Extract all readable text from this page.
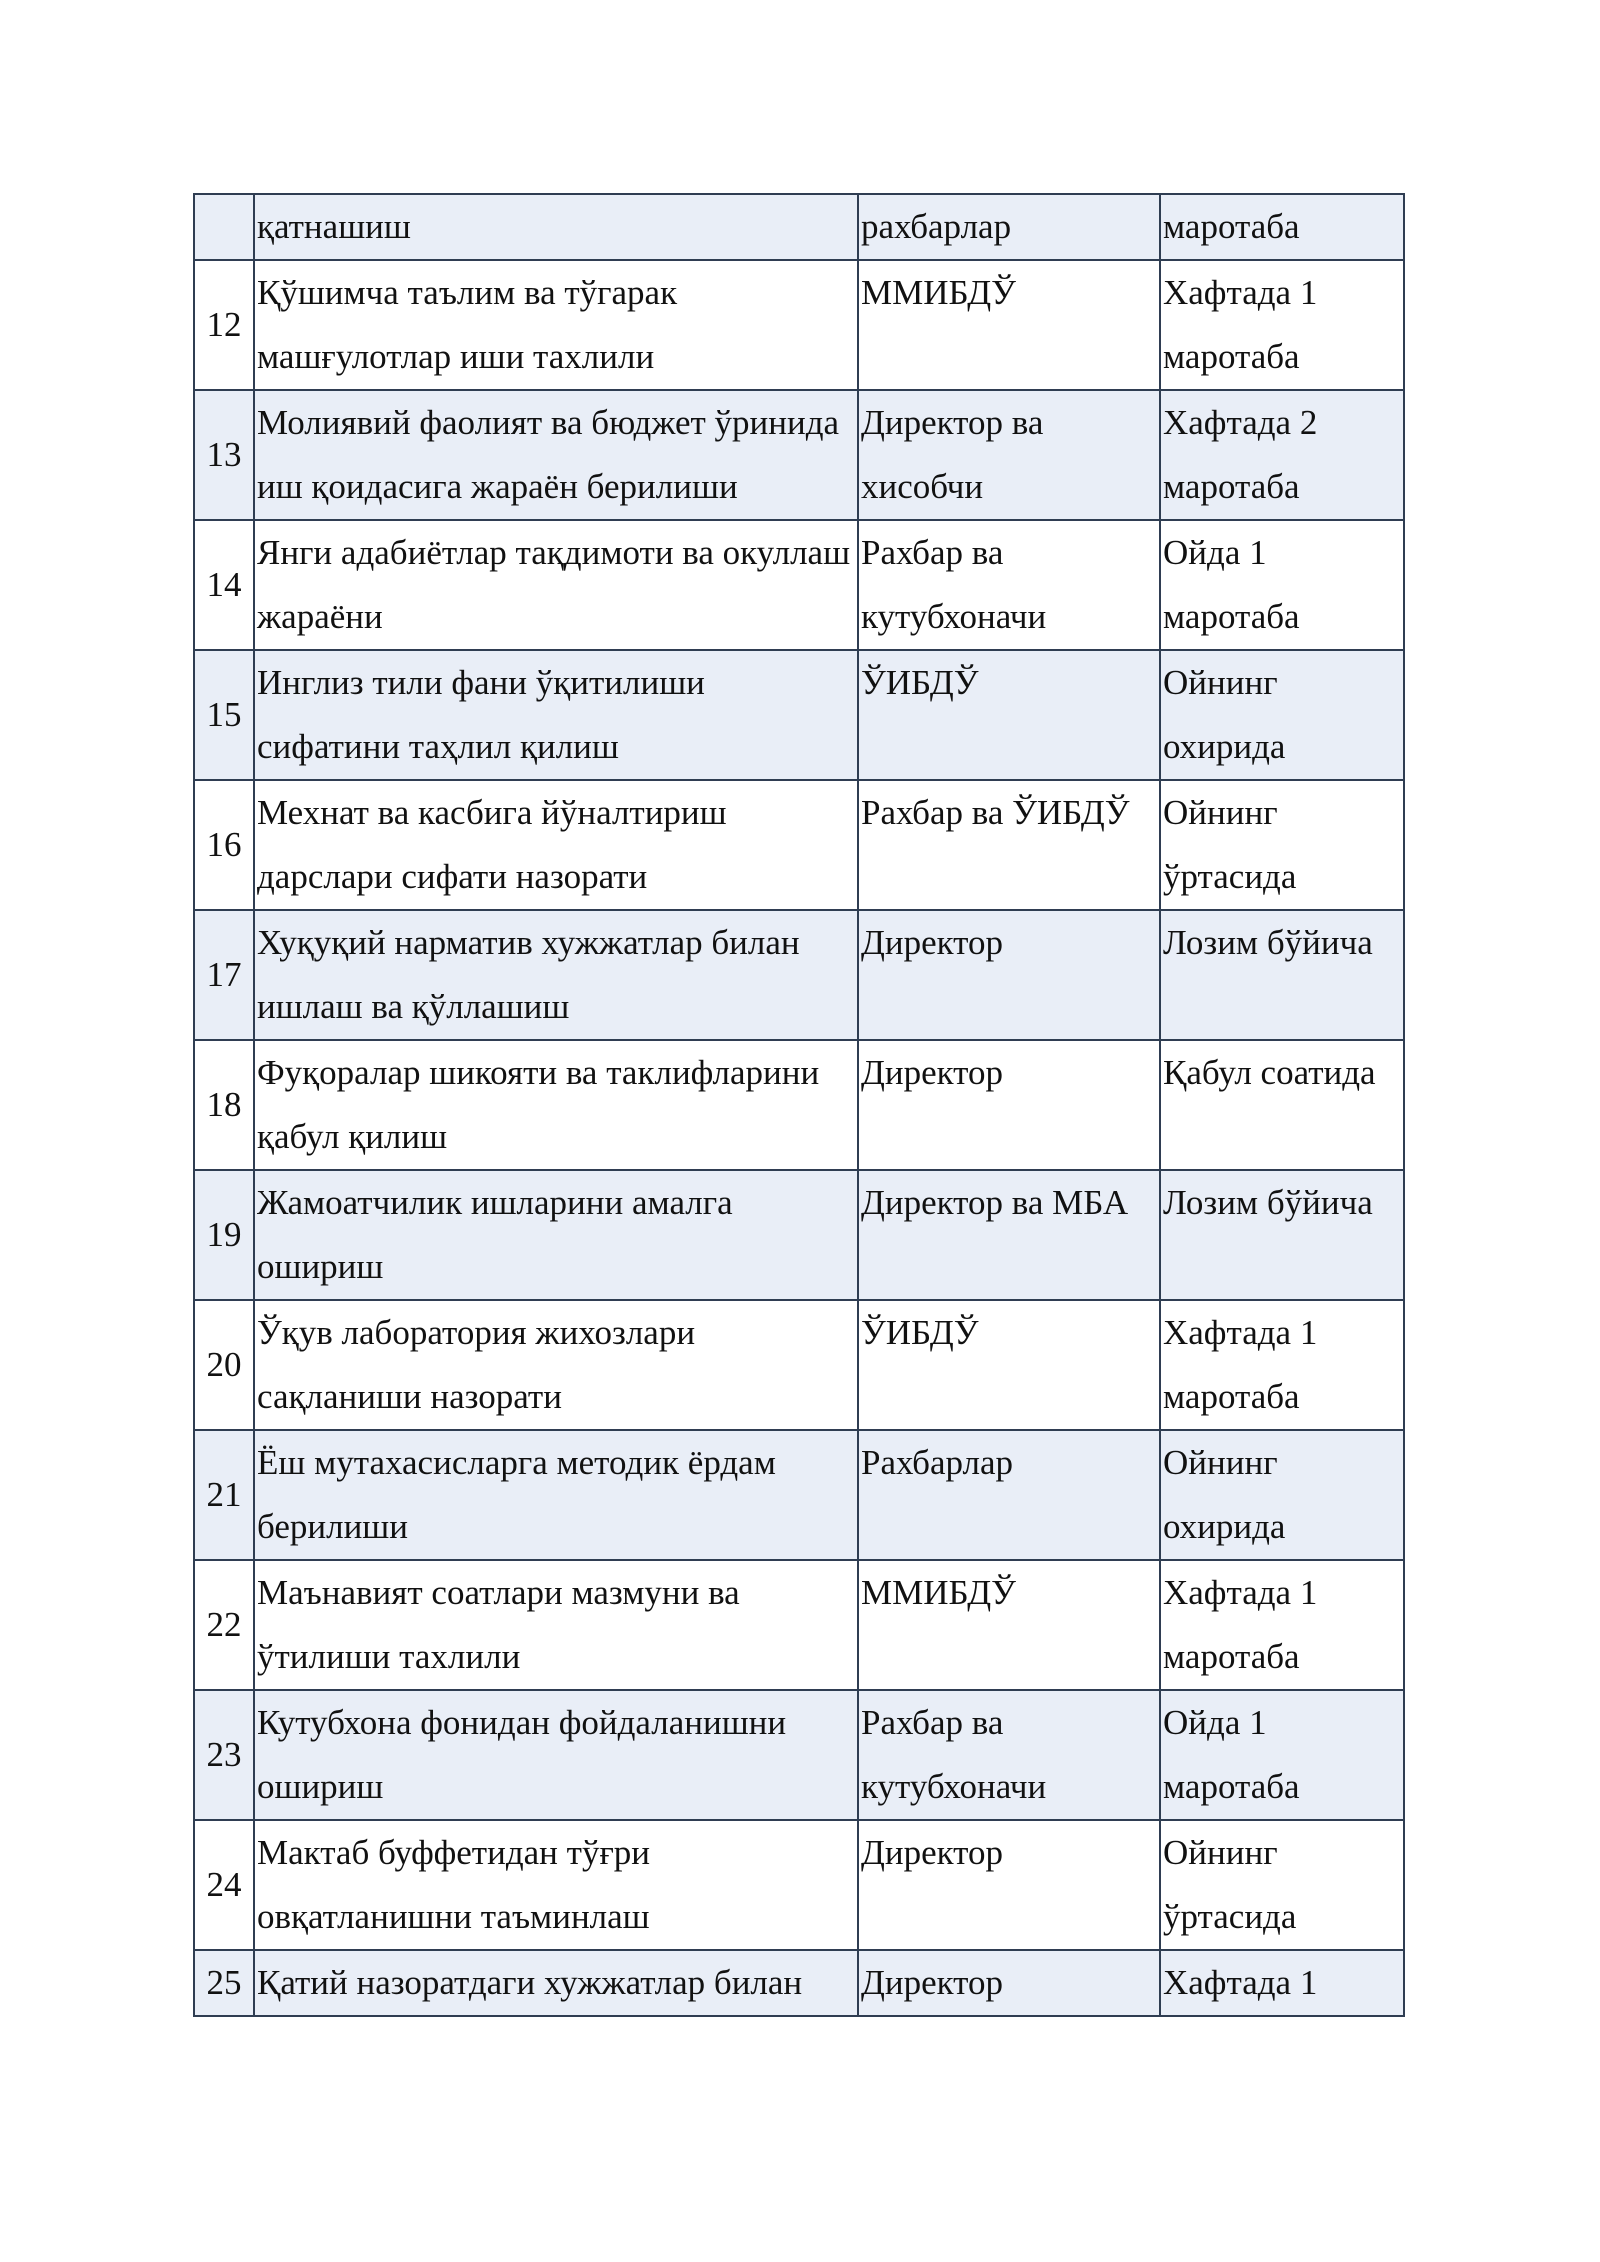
	қатнашиш	рахбарлар	маротаба
12	Қўшимча таълим ва тўгарак машғулотлар иши тахлили	ММИБДЎ	Хафтада 1 маротаба
13	Молиявий фаолият ва бюджет ўринида иш қоидасига жараён берилиши	Директор ва хисобчи	Хафтада 2 маротаба
14	Янги адабиётлар тақдимоти ва окуллаш жараёни	Рахбар ва кутубхоначи	Ойда 1 маротаба
15	Инглиз тили фани ўқитилиши сифатини таҳлил қилиш	ЎИБДЎ	Ойнинг охирида
16	Мехнат ва касбига йўналтириш дарслари сифати назорати	Рахбар ва ЎИБДЎ	Ойнинг ўртасида
17	Хуқуқий нарматив хужжатлар билан ишлаш ва қўллашиш	Директор	Лозим бўйича
18	Фуқоралар шикояти ва таклифларини қабул қилиш	Директор	Қабул соатида
19	Жамоатчилик ишларини амалга ошириш	Директор ва МБА	Лозим бўйича
20	Ўқув лаборатория жихозлари сақланиши назорати	ЎИБДЎ	Хафтада 1 маротаба
21	Ёш мутахасисларга методик ёрдам берилиши	Рахбарлар	Ойнинг охирида
22	Маънавият соатлари мазмуни ва ўтилиши тахлили	ММИБДЎ	Хафтада 1 маротаба
23	Кутубхона фонидан фойдаланишни ошириш	Рахбар ва кутубхоначи	Ойда 1 маротаба
24	Мактаб буффетидан тўғри овқатланишни таъминлаш	Директор	Ойнинг ўртасида
25	Қатий назоратдаги хужжатлар билан	Директор	Хафтада 1
